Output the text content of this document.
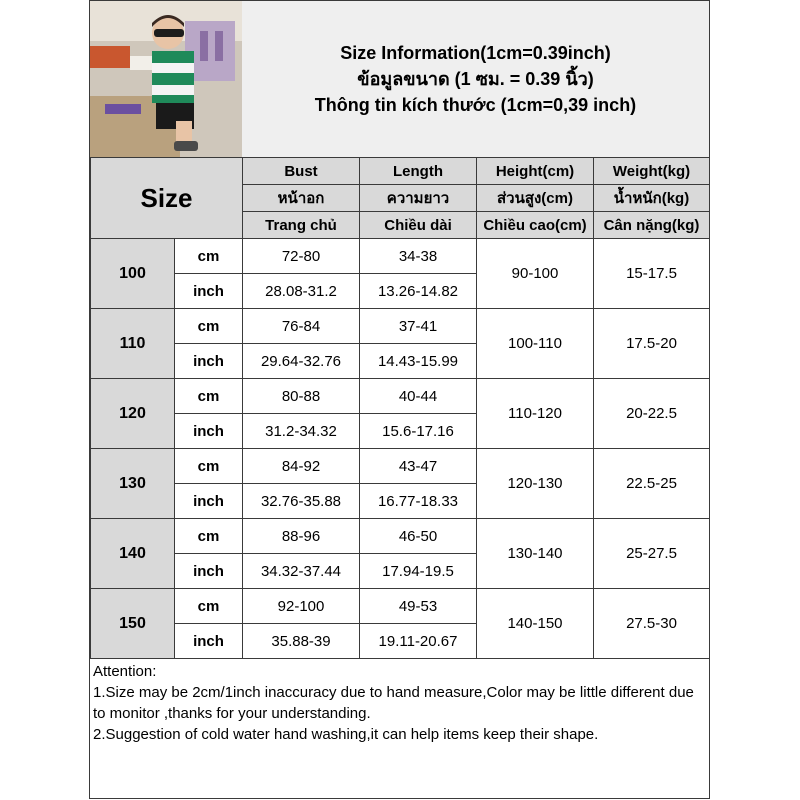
Size Information(1cm=0.39inch)
ข้อมูลขนาด (1 ซม. = 0.39 นิ้ว)
Thông tin kích thước (1cm=0,39 inch)
Size		Bust	Length	Height(cm)	Weight(kg)
		หน้าอก	ความยาว	ส่วนสูง(cm)	น้ำหนัก(kg)
		Trang chủ	Chiều dài	Chiều cao(cm)	Cân nặng(kg)
100	cm	72-80	34-38	90-100	15-17.5
	inch	28.08-31.2	13.26-14.82		
110	cm	76-84	37-41	100-110	17.5-20
	inch	29.64-32.76	14.43-15.99		
120	cm	80-88	40-44	110-120	20-22.5
	inch	31.2-34.32	15.6-17.16		
130	cm	84-92	43-47	120-130	22.5-25
	inch	32.76-35.88	16.77-18.33		
140	cm	88-96	46-50	130-140	25-27.5
	inch	34.32-37.44	17.94-19.5		
150	cm	92-100	49-53	140-150	27.5-30
	inch	35.88-39	19.11-20.67		
Attention:
1.Size may be 2cm/1inch inaccuracy due to hand measure,Color may be little different due to monitor ,thanks for your understanding.
2.Suggestion of cold water hand washing,it can help items keep their shape.
